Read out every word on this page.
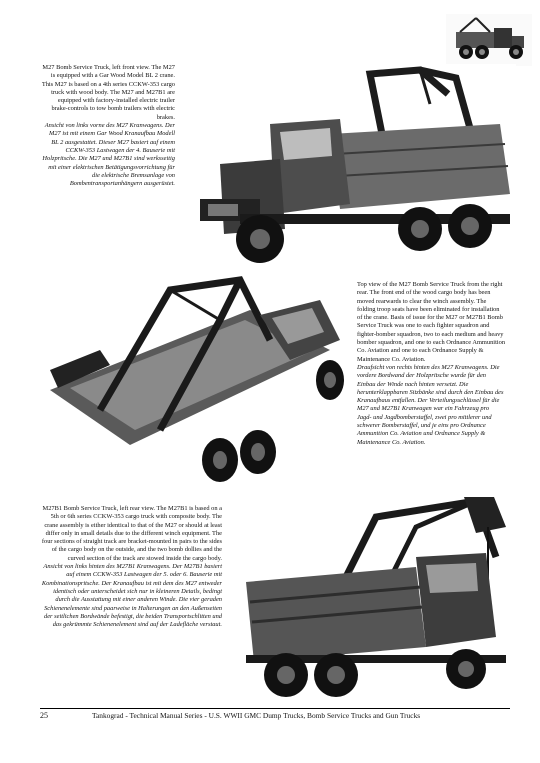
M27 Bomb Service Truck, left front view. The M27 is equipped with a Gar Wood Model BL 2 crane. This M27 is based on a 4th series CCKW-353 cargo truck with wood body. The M27 and M27B1 are equipped with factory-installed electric trailer brake-controls to tow bomb trailers with electric brakes.

Ansicht von links vorne des M27 Kranwagens. Der M27 ist mit einem Gar Wood Kranaufbau Modell BL 2 ausgestattet. Dieser M27 basiert auf einem CCKW-353 Lastwagen der 4. Bauserie mit Holzpritsche. Die M27 und M27B1 sind werksseitig mit einer elektrischen Betätigungsvorrichtung für die elektrische Bremsanlage von Bombentransportanhängern ausgerüstet.

Top view of the M27 Bomb Service Truck from the right rear. The front end of the wood cargo body has been moved rearwards to clear the winch assembly. The folding troop seats have been eliminated for installation of the crane. Basis of issue for the M27 or M27B1 Bomb Service Truck was one to each fighter squadron and fighter-bomber squadron, two to each medium and heavy bomber squadron, and one to each Ordnance Ammunition Co. Aviation and one to each Ordnance Supply & Maintenance Co. Aviation.

Draufsicht von rechts hinten des M27 Kranwagens. Die vordere Bordwand der Holzpritsche wurde für den Einbau der Winde nach hinten versetzt. Die herunterklappbaren Sitzbänke sind durch den Einbau des Kranaufbaus entfallen. Der Verteilungsschlüssel für die M27 und M27B1 Kranwagen war ein Fahrzeug pro Jagd- und Jagdbomberstaffel, zwei pro mittlerer und schwerer Bomberstaffel, und je eins pro Ordnance Ammunition Co. Aviation und Ordnance Supply & Maintenance Co. Aviation.

M27B1 Bomb Service Truck, left rear view. The M27B1 is based on a 5th or 6th series CCKW-353 cargo truck with composite body. The crane assembly is either identical to that of the M27 or should at least differ only in small details due to the different winch equipment. The four sections of straight track are bracket-mounted in pairs to the sides of the cargo body on the outside, and the two bomb dollies and the curved section of the track are stowed inside the cargo body.

Ansicht von links hinten des M27B1 Kranwagens. Der M27B1 basiert auf einem CCKW-353 Lastwagen der 5. oder 6. Bauserie mit Kombinationspritsche. Der Kranaufbau ist mit dem des M27 entweder identisch oder unterscheidet sich nur in kleineren Details, bedingt durch die Ausstattung mit einer anderen Winde. Die vier geraden Schienenelemente sind paarweise in Halterungen an den Außenseiten der seitlichen Bordwände befestigt, die beiden Transportschlitten und das gekrümmte Schienenelement sind auf der Ladefläche verstaut.

25	Tankograd - Technical Manual Series - U.S. WWII GMC Dump Trucks, Bomb Service Trucks and Gun Trucks
